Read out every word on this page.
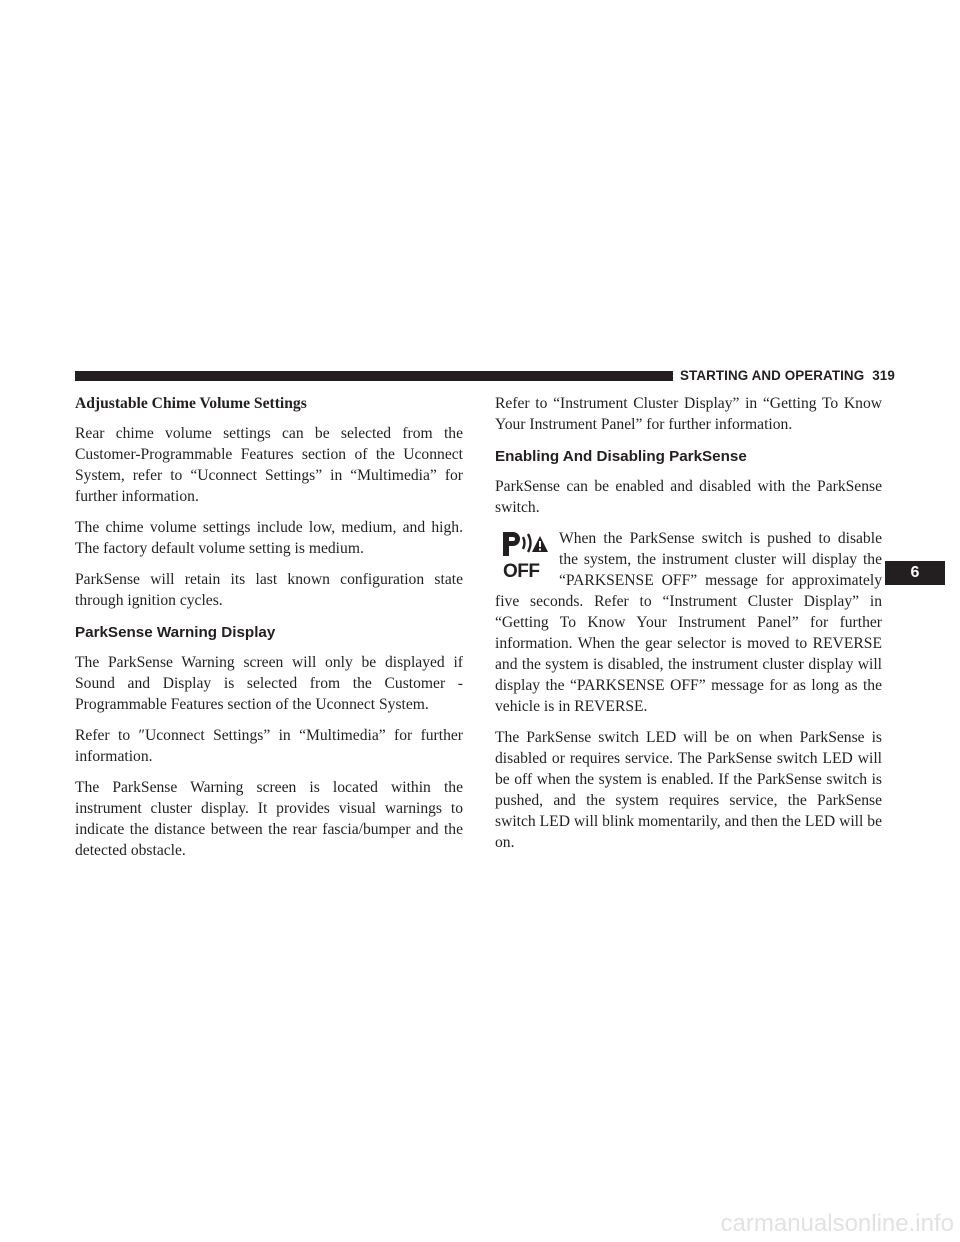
STARTING AND OPERATING 319
Adjustable Chime Volume Settings

Rear chime volume settings can be selected from the Customer-Programmable Features section of the Uconnect System, refer to “Uconnect Settings” in “Multimedia” for further information.

The chime volume settings include low, medium, and high. The factory default volume setting is medium.

ParkSense will retain its last known configuration state through ignition cycles.

ParkSense Warning Display

The ParkSense Warning screen will only be displayed if Sound and Display is selected from the Customer - Programmable Features section of the Uconnect System.

Refer to ″Uconnect Settings” in “Multimedia” for further information.

The ParkSense Warning screen is located within the instrument cluster display. It provides visual warnings to indicate the distance between the rear fascia/bumper and the detected obstacle.

Refer to “Instrument Cluster Display” in “Getting To Know Your Instrument Panel” for further information.

Enabling And Disabling ParkSense

ParkSense can be enabled and disabled with the ParkSense switch.

OFF

When the ParkSense switch is pushed to disable the system, the instrument cluster will display the “PARKSENSE OFF” message for approximately five seconds. Refer to “Instrument Cluster Display” in “Getting To Know Your Instrument Panel” for further information. When the gear selector is moved to REVERSE and the system is disabled, the instrument cluster display will display the “PARKSENSE OFF” message for as long as the vehicle is in REVERSE.

The ParkSense switch LED will be on when ParkSense is disabled or requires service. The ParkSense switch LED will be off when the system is enabled. If the ParkSense switch is pushed, and the system requires service, the ParkSense switch LED will blink momentarily, and then the LED will be on.

6
carmanualsonline.info
